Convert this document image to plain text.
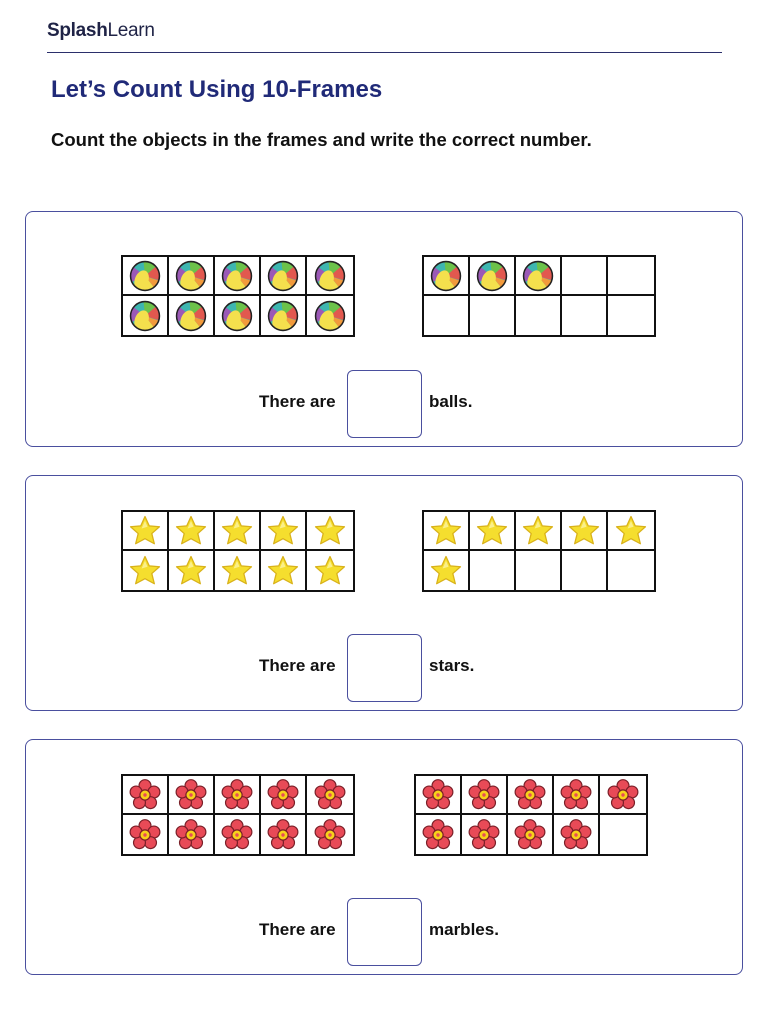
SplashLearn
Let’s Count Using 10-Frames
Count the objects in the frames and write the correct number.
There are	balls.
There are	stars.
There are	marbles.
